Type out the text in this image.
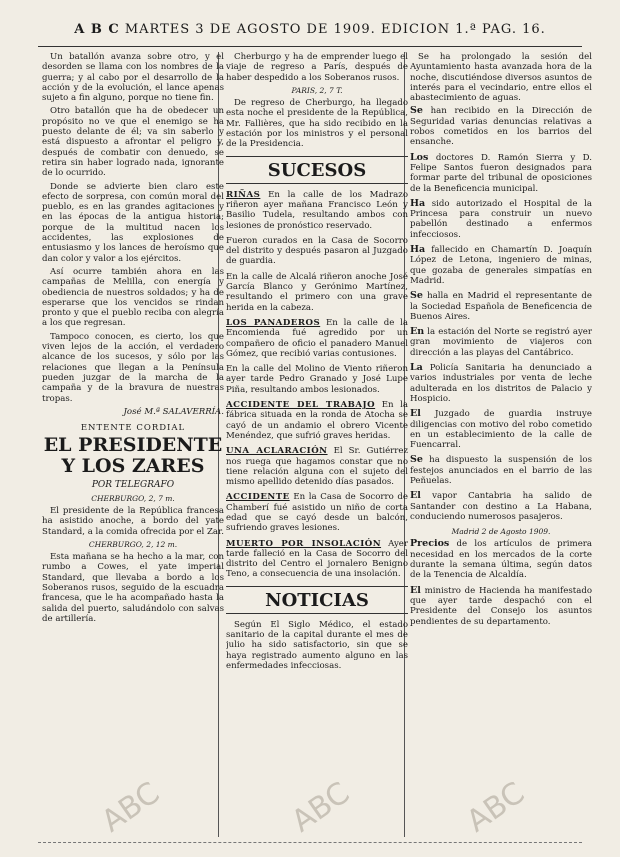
A B C MARTES 3 DE AGOSTO DE 1909. EDICION 1.ª PAG. 16.

Un batallón avanza sobre otro, y el desorden se llama con los nombres de la guerra; y al cabo por el desarrollo de la acción y de la evolución, el lance apenas sujeto a fin alguno, porque no tiene fin.

Otro batallón que ha de obedecer un propósito no ve que el enemigo se ha puesto delante de él; va sin saberlo y está dispuesto a afrontar el peligro y, después de combatir con denuedo, se retira sin haber logrado nada, ignorante de lo ocurrido.

Donde se advierte bien claro este efecto de sorpresa, con común moral del pueblo, es en las grandes agitaciones y en las épocas de la antigua historia; porque de la multitud nacen los accidentes, las explosiones de entusiasmo y los lances de heroísmo que dan color y valor a los ejércitos.

Así ocurre también ahora en las campañas de Melilla, con energía y obediencia de nuestros soldados; y ha de esperarse que los vencidos se rindan pronto y que el pueblo reciba con alegría a los que regresan.

Tampoco conocen, es cierto, los que viven lejos de la acción, el verdadero alcance de los sucesos, y sólo por las relaciones que llegan a la Península pueden juzgar de la marcha de la campaña y de la bravura de nuestras tropas.

José M.ª SALAVERRÍA.
ENTENTE CORDIAL
EL PRESIDENTE Y LOS ZARES
POR TELEGRAFO
CHERBURGO, 2, 7 m.

El presidente de la República francesa ha asistido anoche, a bordo del yate Standard, a la comida ofrecida por el Zar.

CHERBURGO, 2, 12 m.

Esta mañana se ha hecho a la mar, con rumbo a Cowes, el yate imperial Standard, que llevaba a bordo a los Soberanos rusos, seguido de la escuadra francesa, que le ha acompañado hasta la salida del puerto, saludándolo con salvas de artillería.

Cherburgo y ha de emprender luego el viaje de regreso a París, después de haber despedido a los Soberanos rusos.

PARIS, 2, 7 T.

De regreso de Cherburgo, ha llegado esta noche el presidente de la República, Mr. Fallières, que ha sido recibido en la estación por los ministros y el personal de la Presidencia.

SUCESOS

RIÑAS En la calle de los Madrazo riñeron ayer mañana Francisco León y Basilio Tudela, resultando ambos con lesiones de pronóstico reservado.

Fueron curados en la Casa de Socorro del distrito y después pasaron al Juzgado de guardia.

En la calle de Alcalá riñeron anoche José García Blanco y Gerónimo Martínez, resultando el primero con una grave herida en la cabeza.

LOS PANADEROS En la calle de la Encomienda fué agredido por un compañero de oficio el panadero Manuel Gómez, que recibió varias contusiones.

En la calle del Molino de Viento riñeron ayer tarde Pedro Granado y José Lupe Piña, resultando ambos lesionados.

ACCIDENTE DEL TRABAJO En la fábrica situada en la ronda de Atocha se cayó de un andamio el obrero Vicente Menéndez, que sufrió graves heridas.

UNA ACLARACIÓN El Sr. Gutiérrez nos ruega que hagamos constar que no tiene relación alguna con el sujeto del mismo apellido detenido días pasados.

ACCIDENTE En la Casa de Socorro de Chamberí fué asistido un niño de corta edad que se cayó desde un balcón, sufriendo graves lesiones.

MUERTO POR INSOLACIÓN Ayer tarde falleció en la Casa de Socorro del distrito del Centro el jornalero Benigno Teno, a consecuencia de una insolación.

NOTICIAS

Según El Siglo Médico, el estado sanitario de la capital durante el mes de julio ha sido satisfactorio, sin que se haya registrado aumento alguno en las enfermedades infecciosas.

Se ha prolongado la sesión del Ayuntamiento hasta avanzada hora de la noche, discutiéndose diversos asuntos de interés para el vecindario, entre ellos el abastecimiento de aguas.

Se han recibido en la Dirección de Seguridad varias denuncias relativas a robos cometidos en los barrios del ensanche.

Los doctores D. Ramón Sierra y D. Felipe Santos fueron designados para formar parte del tribunal de oposiciones de la Beneficencia municipal.

Ha sido autorizado el Hospital de la Princesa para construir un nuevo pabellón destinado a enfermos infecciosos.

Ha fallecido en Chamartín D. Joaquín López de Letona, ingeniero de minas, que gozaba de generales simpatías en Madrid.

Se halla en Madrid el representante de la Sociedad Española de Beneficencia de Buenos Aires.

En la estación del Norte se registró ayer gran movimiento de viajeros con dirección a las playas del Cantábrico.

La Policía Sanitaria ha denunciado a varios industriales por venta de leche adulterada en los distritos de Palacio y Hospicio.

El Juzgado de guardia instruye diligencias con motivo del robo cometido en un establecimiento de la calle de Fuencarral.

Se ha dispuesto la suspensión de los festejos anunciados en el barrio de las Peñuelas.

El vapor Cantabria ha salido de Santander con destino a La Habana, conduciendo numerosos pasajeros.

Madrid 2 de Agosto 1909.

Precios de los artículos de primera necesidad en los mercados de la corte durante la semana última, según datos de la Tenencia de Alcaldía.

El ministro de Hacienda ha manifestado que ayer tarde despachó con el Presidente del Consejo los asuntos pendientes de su departamento.

ABC	ABC	ABC
